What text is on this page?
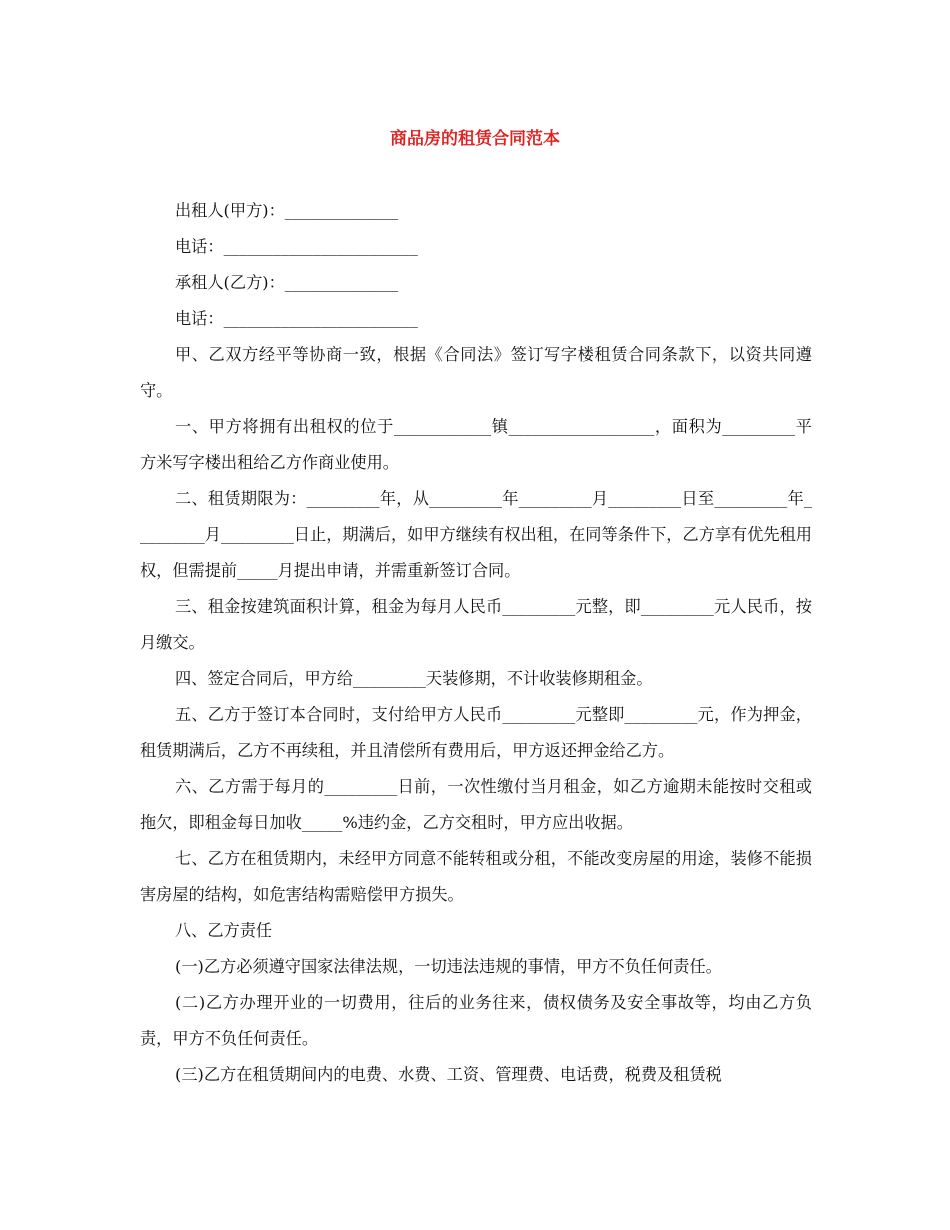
商品房的租赁合同范本
出租人(甲方)：______________
电话：________________________
承租人(乙方)：______________
电话：________________________
甲、乙双方经平等协商一致，根据《合同法》签订写字楼租赁合同条款下，以资共同遵守。
一、甲方将拥有出租权的位于____________镇__________________，面积为_________平方米写字楼出租给乙方作商业使用。
二、租赁期限为：_________年，从_________年_________月_________日至_________年_________月_________日止，期满后，如甲方继续有权出租，在同等条件下，乙方享有优先租用权，但需提前_____月提出申请，并需重新签订合同。
三、租金按建筑面积计算，租金为每月人民币_________元整，即_________元人民币，按月缴交。
四、签定合同后，甲方给_________天装修期，不计收装修期租金。
五、乙方于签订本合同时，支付给甲方人民币_________元整即_________元，作为押金，租赁期满后，乙方不再续租，并且清偿所有费用后，甲方返还押金给乙方。
六、乙方需于每月的_________日前，一次性缴付当月租金，如乙方逾期未能按时交租或拖欠，即租金每日加收_____%违约金，乙方交租时，甲方应出收据。
七、乙方在租赁期内，未经甲方同意不能转租或分租，不能改变房屋的用途，装修不能损害房屋的结构，如危害结构需赔偿甲方损失。
八、乙方责任
(一)乙方必须遵守国家法律法规，一切违法违规的事情，甲方不负任何责任。
(二)乙方办理开业的一切费用，往后的业务往来，债权债务及安全事故等，均由乙方负责，甲方不负任何责任。
(三)乙方在租赁期间内的电费、水费、工资、管理费、电话费，税费及租赁税
